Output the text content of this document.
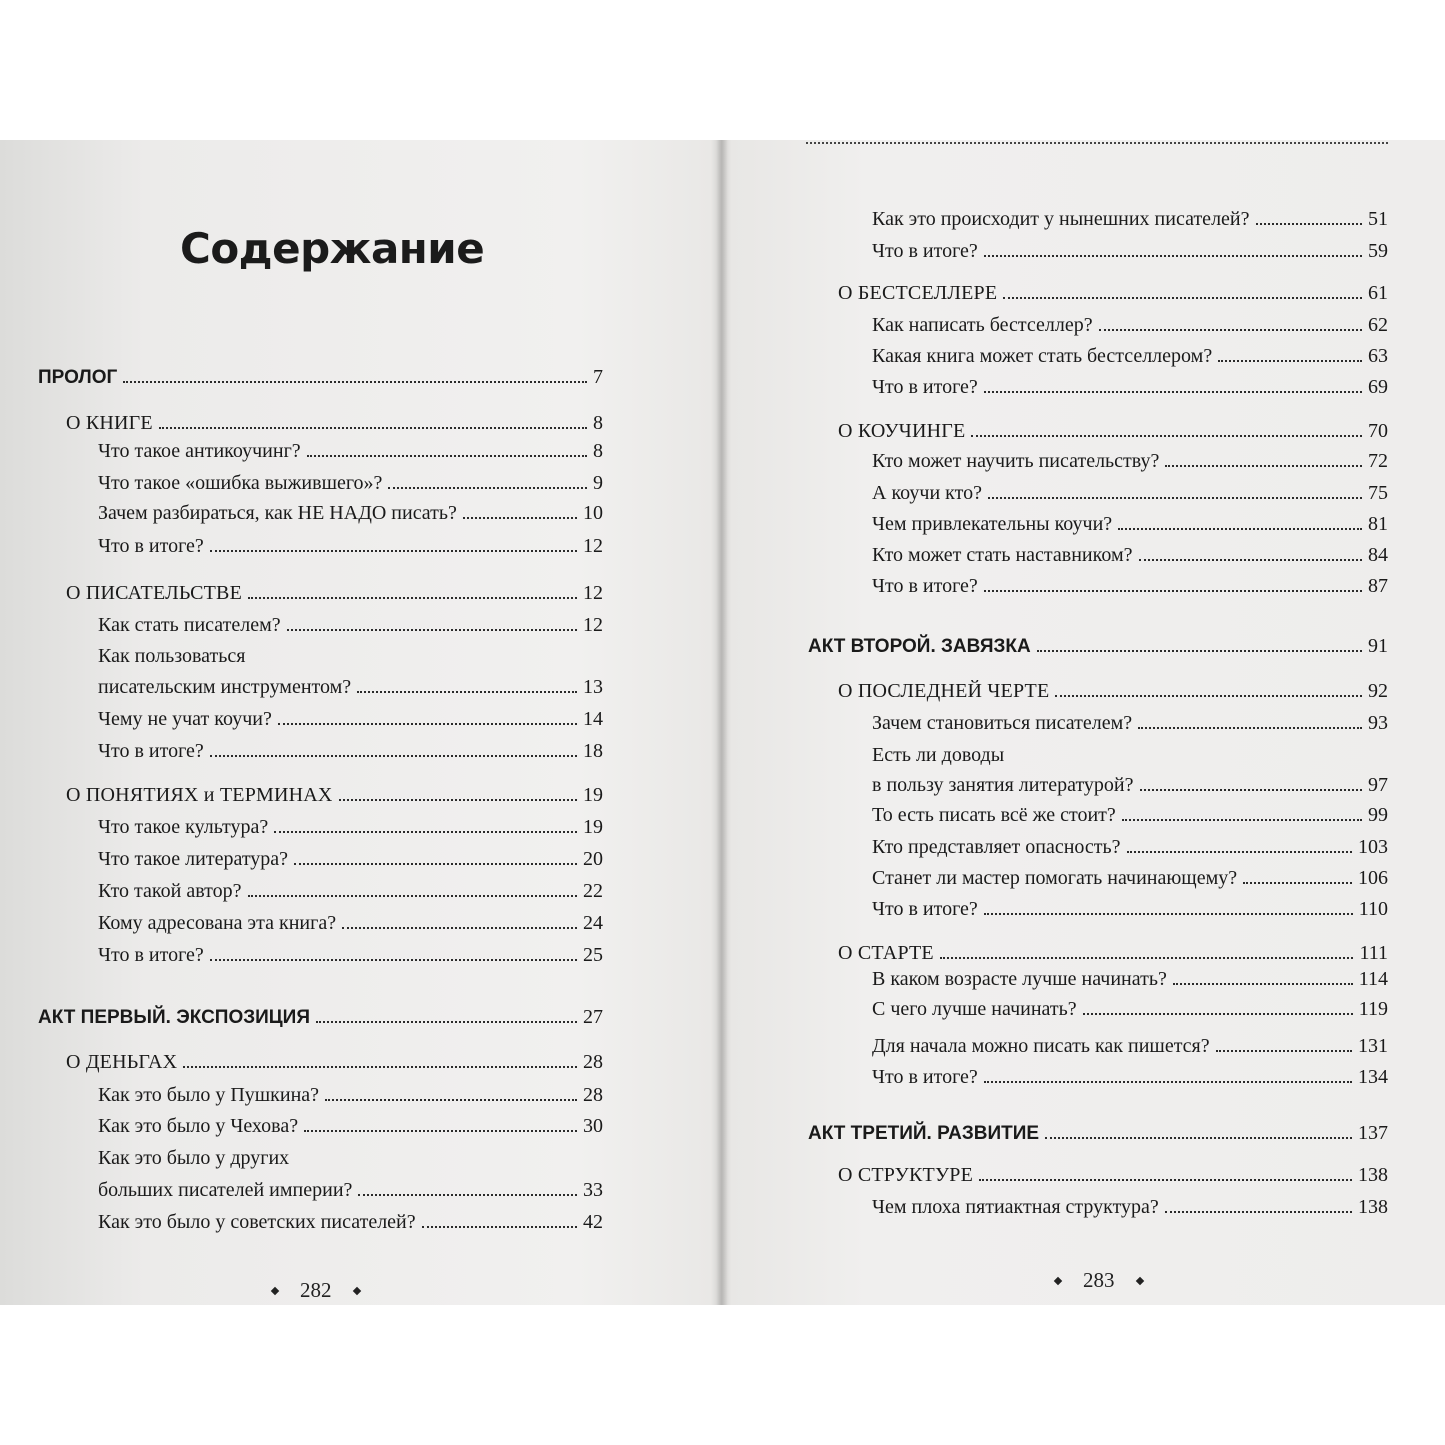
Содержание
ПРОЛОГ	7
О КНИГЕ	8
Что такое антикоучинг?	8
Что такое «ошибка выжившего»?	9
Зачем разбираться, как НЕ НАДО писать?	10
Что в итоге?	12
О ПИСАТЕЛЬСТВЕ	12
Как стать писателем?	12
Как пользоваться
писательским инструментом?	13
Чему не учат коучи?	14
Что в итоге?	18
О ПОНЯТИЯХ и ТЕРМИНАХ	19
Что такое культура?	19
Что такое литература?	20
Кто такой автор?	22
Кому адресована эта книга?	24
Что в итоге?	25
АКТ ПЕРВЫЙ. ЭКСПОЗИЦИЯ	27
О ДЕНЬГАХ	28
Как это было у Пушкина?	28
Как это было у Чехова?	30
Как это было у других
больших писателей империи?	33
Как это было у советских писателей?	42
Как это происходит у нынешних писателей?	51
Что в итоге?	59
О БЕСТСЕЛЛЕРЕ	61
Как написать бестселлер?	62
Какая книга может стать бестселлером?	63
Что в итоге?	69
О КОУЧИНГЕ	70
Кто может научить писательству?	72
А коучи кто?	75
Чем привлекательны коучи?	81
Кто может стать наставником?	84
Что в итоге?	87
АКТ ВТОРОЙ. ЗАВЯЗКА	91
О ПОСЛЕДНЕЙ ЧЕРТЕ	92
Зачем становиться писателем?	93
Есть ли доводы
в пользу занятия литературой?	97
То есть писать всё же стоит?	99
Кто представляет опасность?	103
Станет ли мастер помогать начинающему?	106
Что в итоге?	110
О СТАРТЕ	111
В каком возрасте лучше начинать?	114
С чего лучше начинать?	119
Для начала можно писать как пишется?	131
Что в итоге?	134
АКТ ТРЕТИЙ. РАЗВИТИЕ	137
О СТРУКТУРЕ	138
Чем плоха пятиактная структура?	138
282	283
